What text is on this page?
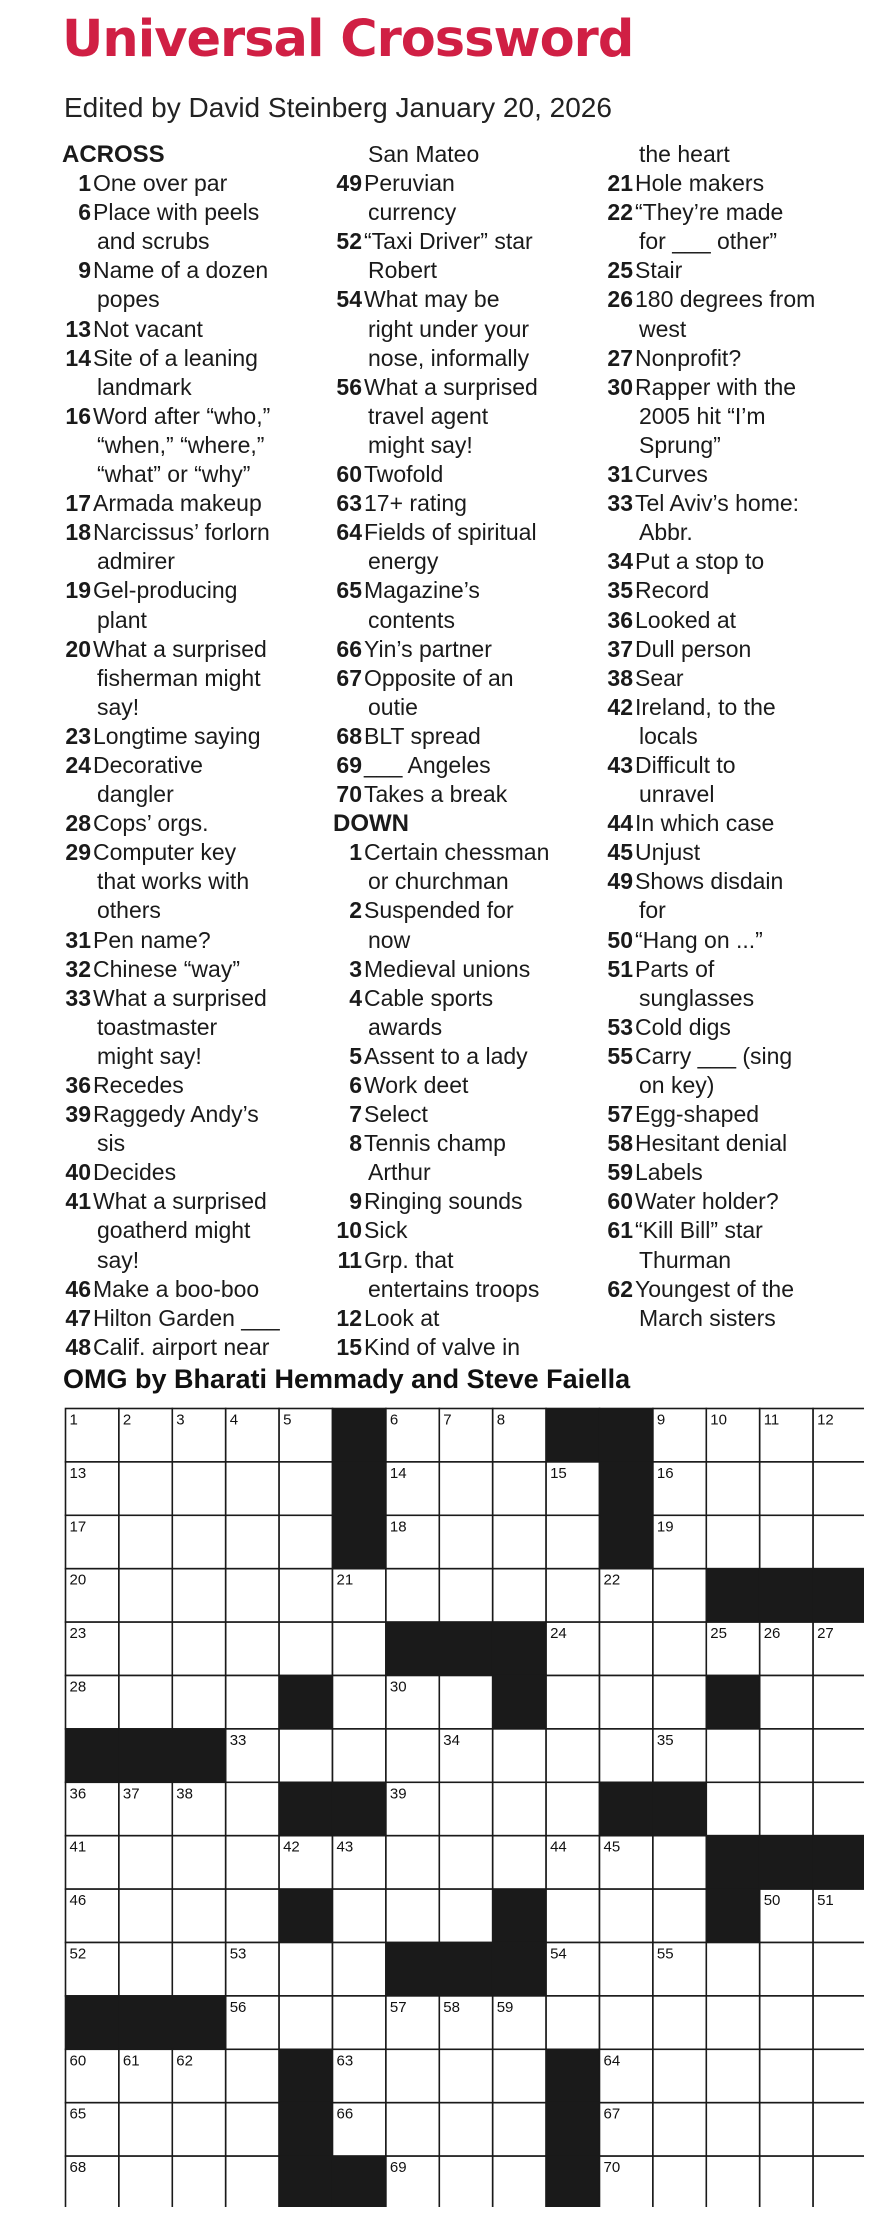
Universal Crossword
Edited by David Steinberg January 20, 2026
ACROSS
1 One over par
6 Place with peels
and scrubs
9 Name of a dozen
popes
13 Not vacant
14 Site of a leaning
landmark
16 Word after “who,”
“when,” “where,”
“what” or “why”
17 Armada makeup
18 Narcissus’ forlorn
admirer
19 Gel-producing
plant
20 What a surprised
fisherman might
say!
23 Longtime saying
24 Decorative
dangler
28 Cops’ orgs.
29 Computer key
that works with
others
31 Pen name?
32 Chinese “way”
33 What a surprised
toastmaster
might say!
36 Recedes
39 Raggedy Andy’s
sis
40 Decides
41 What a surprised
goatherd might
say!
46 Make a boo-boo
47 Hilton Garden ___
48 Calif. airport near
San Mateo
49 Peruvian
currency
52 “Taxi Driver” star
Robert
54 What may be
right under your
nose, informally
56 What a surprised
travel agent
might say!
60 Twofold
63 17+ rating
64 Fields of spiritual
energy
65 Magazine’s
contents
66 Yin’s partner
67 Opposite of an
outie
68 BLT spread
69 ___ Angeles
70 Takes a break
DOWN
1 Certain chessman
or churchman
2 Suspended for
now
3 Medieval unions
4 Cable sports
awards
5 Assent to a lady
6 Work deet
7 Select
8 Tennis champ
Arthur
9 Ringing sounds
10 Sick
11 Grp. that
entertains troops
12 Look at
15 Kind of valve in
the heart
21 Hole makers
22 “They’re made
for ___ other”
25 Stair
26 180 degrees from
west
27 Nonprofit?
30 Rapper with the
2005 hit “I’m
Sprung”
31 Curves
33 Tel Aviv’s home:
Abbr.
34 Put a stop to
35 Record
36 Looked at
37 Dull person
38 Sear
42 Ireland, to the
locals
43 Difficult to
unravel
44 In which case
45 Unjust
49 Shows disdain
for
50 “Hang on ...”
51 Parts of
sunglasses
53 Cold digs
55 Carry ___ (sing
on key)
57 Egg-shaped
58 Hesitant denial
59 Labels
60 Water holder?
61 “Kill Bill” star
Thurman
62 Youngest of the
March sisters
OMG by Bharati Hemmady and Steve Faiella
1	2	3	4	5	6	7	8	9	10 11	12
13	14	15	16
17	18	19
20	21	22
23	24	25 26 27
28	30
33	34	35
36 37 38	39
41	42 43	44 45
46	50 51
52	53	54	55
56	57 58 59
60 61 62	63	64
65	66	67
68	69	70
